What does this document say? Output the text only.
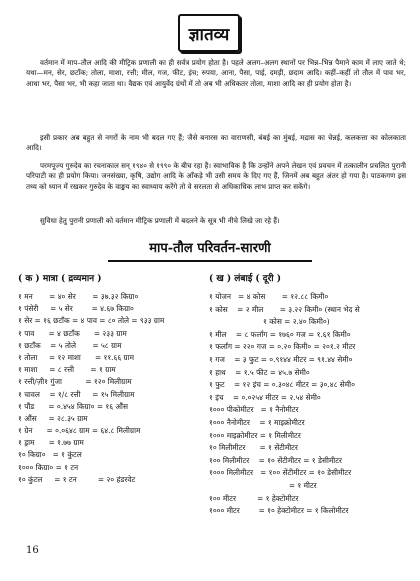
ज्ञातव्य
वर्तमान में माप–तौल आदि की मीट्रिक प्रणाली का ही सर्वत्र प्रयोग होता है। पहले अलग–अलग स्थानों पर भिन्न–भिन्न पैमाने काम में लाए जाते थे; यथा—मन, सेर, छटाँक; तोला, माशा, रत्ती; मील, गज, फीट, इंच; रुपया, आना, पैसा, पाई, दमड़ी, छदाम आदि। कहीं–कहीं तो तौल में पाव भर, आधा भर, पैसा भर, भी कहा जाता था। वैद्यक एवं आयुर्वेद ग्रंथों में तो अब भी अधिकतर तोला, माशा आदि का ही प्रयोग होता है।
इसी प्रकार अब बहुत से नगरों के नाम भी बदल गए हैं; जैसे बनारस का वाराणसी, बंबई का मुंबई, मद्रास का चेन्नई, कलकत्ता का कोलकाता आदि।
परमपूज्य गुरुदेव का रचनाकाल सन् १९४० से १९९० के बीच रहा है। स्वाभाविक है कि उन्होंने अपने लेखन एवं प्रवचन में तत्कालीन प्रचलित पुरानी परिपाटी का ही प्रयोग किया। जनसंख्या, कृषि, उद्योग आदि के आँकड़े भी उसी समय के दिए गए हैं, जिनमें अब बहुत अंतर हो गया है। पाठकगण इस तथ्य को ध्यान में रखकर गुरुदेव के वाङ्मय का स्वाध्याय करेंगे तो वे सरलता से अधिकाधिक लाभ प्राप्त कर सकेंगे।
सुविधा हेतु पुरानी प्रणाली को वर्तमान मीट्रिक प्रणाली में बदलने के सूत्र भी नीचे लिखे जा रहे हैं।
माप-तौल परिवर्तन-सारणी
( क ) मात्रा ( द्रव्यमान )	( ख ) लंबाई ( दूरी )
१ मन       = ४० सेर       = ३७.३२ किग्रा०
१ पंसेरी     = ५ सेर        = ४.६७ किग्रा०
१ सेर = १६ छटाँक = ४ पाव = ८० तोले = ९३३ ग्राम
१ पाव      = ४ छटाँक      = २३३ ग्राम
१ छटाँक    = ५ तोले       = ५८ ग्राम
१ तोला     = १२ माशा      = ११.६६ ग्राम
१ माशा     = ८ रत्ती       = १ ग्राम
१ रत्ती/ज़ी१ गुंजा          = १२० मिलीग्राम
१ चावल    = १/८ रत्ती     = १५ मिलीग्राम
१ पौंड      = ०.४५४ किग्रा० = १६ औंस
१ औंस     = २८.३५ ग्राम
१ ग्रेन      = ०.०६४८ ग्राम = ६४.८ मिलीग्राम
१ ड्राम      = १.७७ ग्राम
१० किग्रा०   = १ कुंटल
१००० किग्रा० = १ टन
१० कुंटल     = १ टन         = २० हंडरवेट
१ योजन   = ४ कोस       = १२.८८ किमी०
१ कोस    = २ मील       = ३.२२ किमी० (स्थान भेद से
१ कोस = २.४० किमी०)
१ मील    = ८ फर्लांग = १७६० गज = १.६१ किमी०
१ फर्लांग = २२० गज = ०.२० किमी० = २०१.२ मीटर
१ गज    = ३ फुट = ०.९१४४ मीटर = ९१.४४ सेमी०
१ हाथ    = १.५ फीट = ४५.७ सेमी०
१ फुट    = १२ इंच = ०.३०४८ मीटर = ३०.४८ सेमी०
१ इंच    = ०.०२५४ मीटर = २.५४ सेमी०
१००० पीकोमीटर   = १ नैनोमीटर
१००० नैनोमीटर    = १ माइक्रोमीटर
१००० माइक्रोमीटर = १ मिलीमीटर
१० मिलीमीटर      = १ सेंटीमीटर
१०० मिलीमीटर    = १० सेंटीमीटर = १ डेसीमीटर
१००० मिलीमीटर   = १०० सेंटीमीटर = १० डेसीमीटर
= १ मीटर
१०० मीटर         = १ हेक्टोमीटर
१००० मीटर        = १० हेक्टोमीटर = १ किलोमीटर
16
